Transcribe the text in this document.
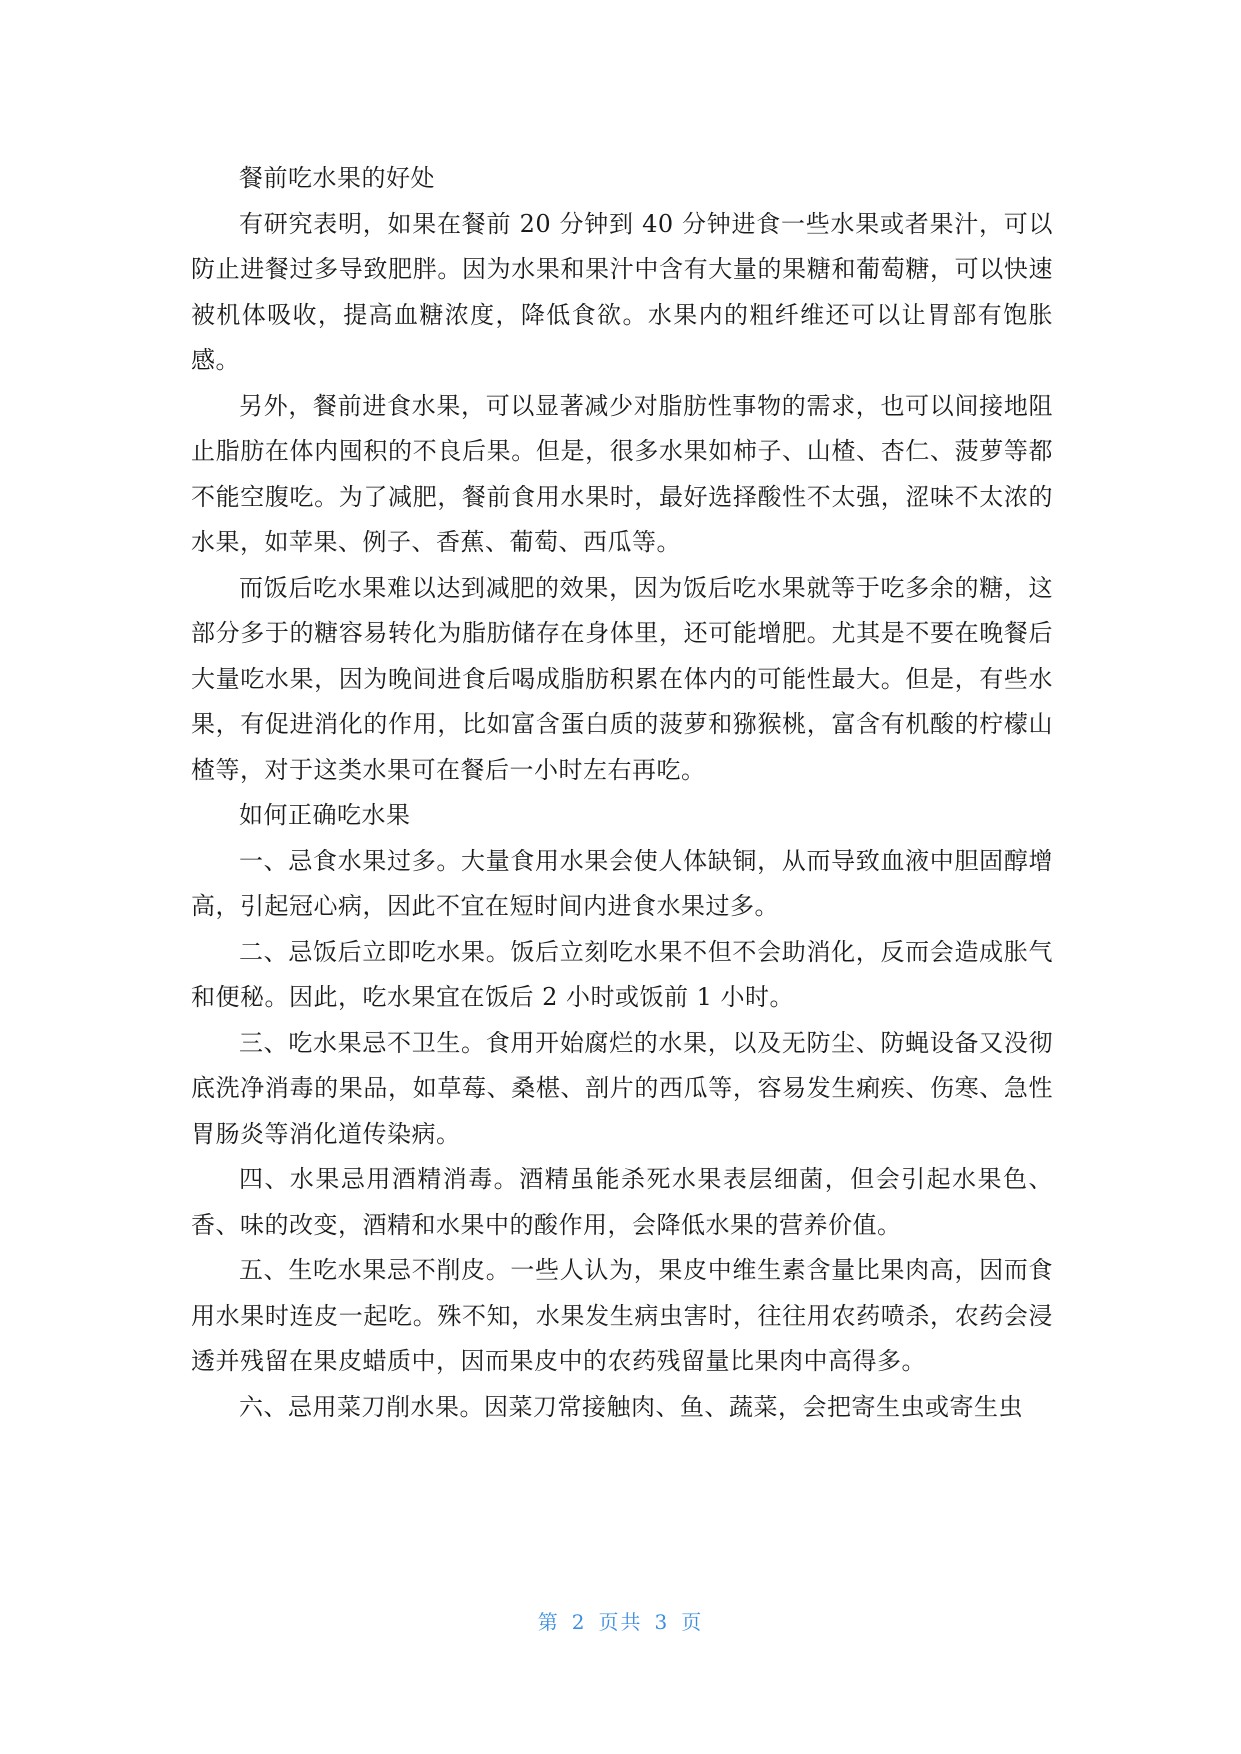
餐前吃水果的好处

有研究表明，如果在餐前 20 分钟到 40 分钟进食一些水果或者果汁，可以防止进餐过多导致肥胖。因为水果和果汁中含有大量的果糖和葡萄糖，可以快速被机体吸收，提高血糖浓度，降低食欲。水果内的粗纤维还可以让胃部有饱胀感。

另外，餐前进食水果，可以显著减少对脂肪性事物的需求，也可以间接地阻止脂肪在体内囤积的不良后果。但是，很多水果如柿子、山楂、杏仁、菠萝等都不能空腹吃。为了减肥，餐前食用水果时，最好选择酸性不太强，涩味不太浓的水果，如苹果、例子、香蕉、葡萄、西瓜等。

而饭后吃水果难以达到减肥的效果，因为饭后吃水果就等于吃多余的糖，这部分多于的糖容易转化为脂肪储存在身体里，还可能增肥。尤其是不要在晚餐后大量吃水果，因为晚间进食后喝成脂肪积累在体内的可能性最大。但是，有些水果，有促进消化的作用，比如富含蛋白质的菠萝和猕猴桃，富含有机酸的柠檬山楂等，对于这类水果可在餐后一小时左右再吃。

如何正确吃水果

一、忌食水果过多。大量食用水果会使人体缺铜，从而导致血液中胆固醇增高，引起冠心病，因此不宜在短时间内进食水果过多。

二、忌饭后立即吃水果。饭后立刻吃水果不但不会助消化，反而会造成胀气和便秘。因此，吃水果宜在饭后 2 小时或饭前 1 小时。

三、吃水果忌不卫生。食用开始腐烂的水果，以及无防尘、防蝇设备又没彻底洗净消毒的果品，如草莓、桑椹、剖片的西瓜等，容易发生痢疾、伤寒、急性胃肠炎等消化道传染病。

四、水果忌用酒精消毒。酒精虽能杀死水果表层细菌，但会引起水果色、香、味的改变，酒精和水果中的酸作用，会降低水果的营养价值。

五、生吃水果忌不削皮。一些人认为，果皮中维生素含量比果肉高，因而食用水果时连皮一起吃。殊不知，水果发生病虫害时，往往用农药喷杀，农药会浸透并残留在果皮蜡质中，因而果皮中的农药残留量比果肉中高得多。

六、忌用菜刀削水果。因菜刀常接触肉、鱼、蔬菜，会把寄生虫或寄生虫

第 2 页共 3 页
